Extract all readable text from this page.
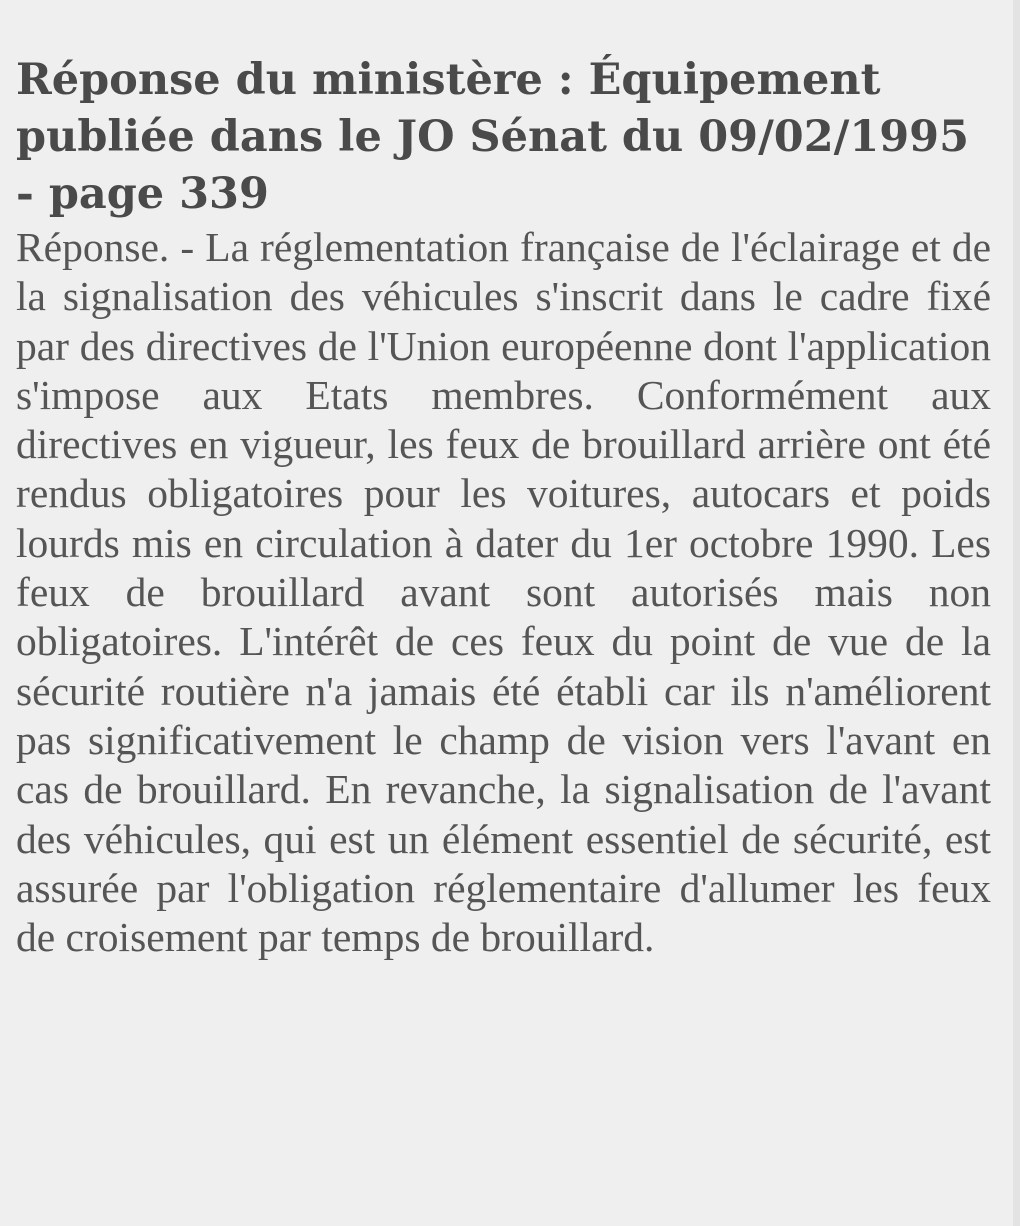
Réponse du ministère : Équipement publiée dans le JO Sénat du 09/02/1995 - page 339

Réponse. - La réglementation française de l'éclairage et de la signalisation des véhicules s'inscrit dans le cadre fixé par des directives de l'Union européenne dont l'application s'impose aux Etats membres. Conformément aux directives en vigueur, les feux de brouillard arrière ont été rendus obligatoires pour les voitures, autocars et poids lourds mis en circulation à dater du 1er octobre 1990. Les feux de brouillard avant sont autorisés mais non obligatoires. L'intérêt de ces feux du point de vue de la sécurité routière n'a jamais été établi car ils n'améliorent pas significativement le champ de vision vers l'avant en cas de brouillard. En revanche, la signalisation de l'avant des véhicules, qui est un élément essentiel de sécurité, est assurée par l'obligation réglementaire d'allumer les feux de croisement par temps de brouillard.
